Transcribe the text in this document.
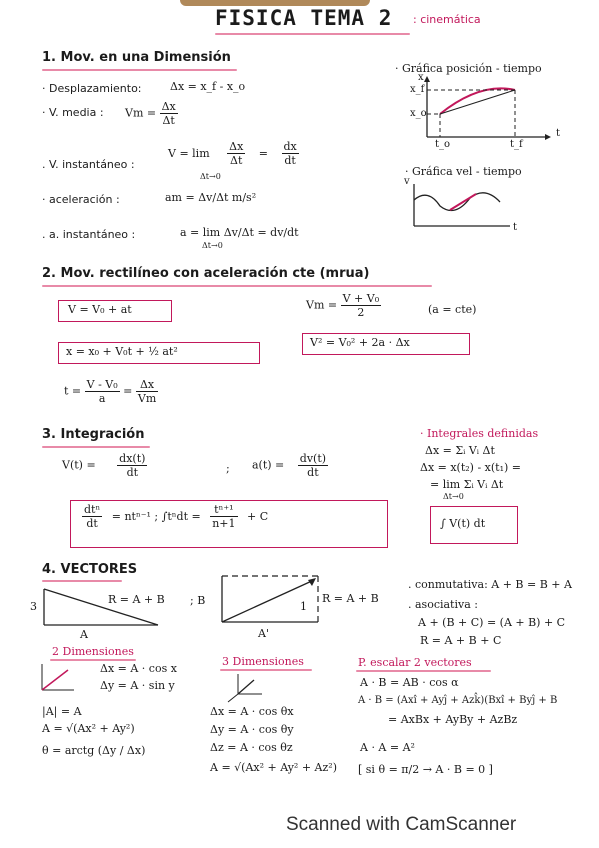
FISICA TEMA 2 : cinemática
1. Mov. en una Dimensión
· Desplazamiento:	Δx = x_f - x_o
· V. media : $Vm = \frac{\Delta x}{\Delta t}$
. V. instantáneo :
$V = \lim \frac{\Delta x}{\Delta t} = \frac{dx}{dt}$
Δt→0
· aceleración :	am = Δv/Δt m/s²
. a. instantáneo :	a = lim Δv/Δt = dv/dt
Δt→0
· Gráfica posición - tiempo
x
x_f
x_o
t_o	t_f
t
· Gráfica vel - tiempo
v
t
2. Mov. rectilíneo con aceleración cte (mrua)
V = V₀ + at	$Vm = \frac{\text{V + V₀}}{2}$	(a = cte)
x = x₀ + V₀t + ½ at²
V² = V₀² + 2a · Δx
$t = \frac{\text{V - V₀}}{a} = \frac{\Delta x}{Vm}$
3. Integración
$V(t) = \frac{dx(t)}{dt}$	; $a(t) = \frac{dv(t)}{dt}$
$\frac{\text{dtⁿ}}{dt} = nt^{n-1}$ ; $\int t^ndt = \frac{\text{tⁿ⁺¹}}{n+1} + C$
· Integrales definidas
Δx = Σᵢ Vᵢ Δt
Δx = x(t₂) - x(t₁) =
= lim Σᵢ Vᵢ Δt
Δt→0
∫ V(t) dt
4. VECTORES
R = A + B
A
3	; B	1
A'
R = A + B
. conmutativa: A + B = B + A
. asociativa :
A + (B + C) = (A + B) + C
R = A + B + C
2 Dimensiones
Δx = A · cos x
Δy = A · sin y
|A| = A
A = √(Ax² + Ay²)
θ = arctg (Δy / Δx)
3 Dimensiones
Δx = A · cos θx
Δy = A · cos θy
Δz = A · cos θz
A = √(Ax² + Ay² + Az²)
P. escalar 2 vectores
A · B = AB · cos α
A · B = (Axî + Ayĵ + Azk̂)(Bxî + Byĵ + B
= AxBx + AyBy + AzBz
A · A = A²
[ si θ = π/2 → A · B = 0 ]
Scanned with CamScanner
